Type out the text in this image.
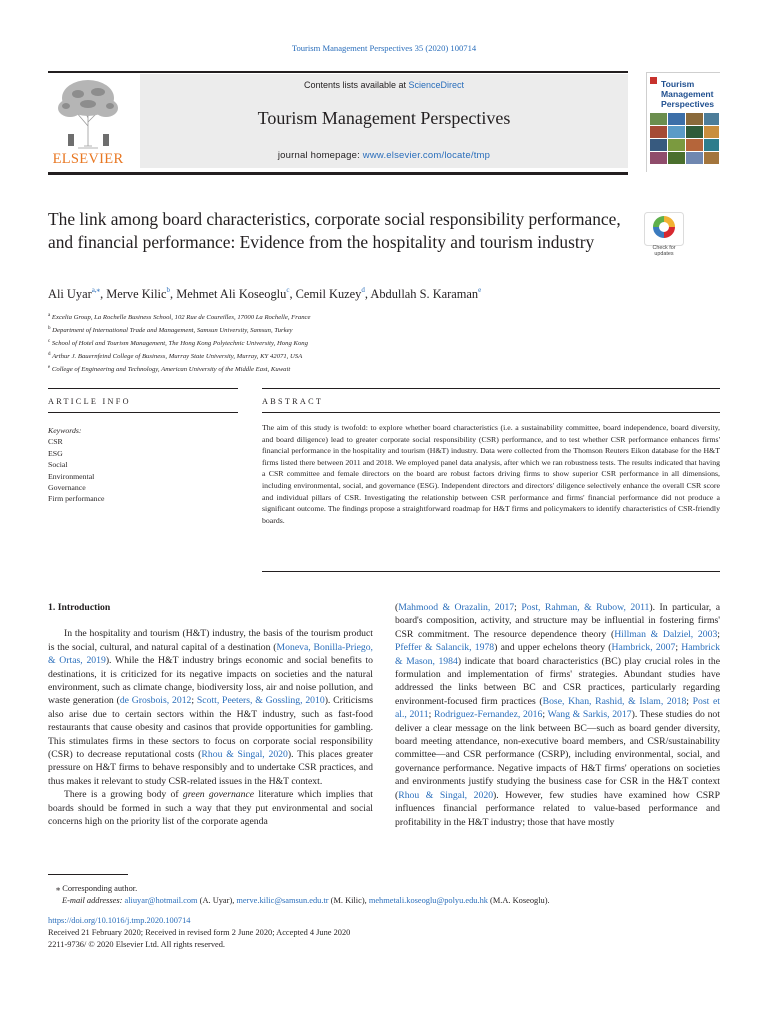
Tourism Management Perspectives 35 (2020) 100714
ELSEVIER
Contents lists available at ScienceDirect
Tourism Management Perspectives
journal homepage: www.elsevier.com/locate/tmp
Tourism
Management
Perspectives
The link among board characteristics, corporate social responsibility performance, and financial performance: Evidence from the hospitality and tourism industry	Check for
updates
Ali Uyar$^{a,⁎}$, Merve Kilic$^b$, Mehmet Ali Koseoglu$^c$, Cemil Kuzey$^d$, Abdullah S. Karaman$^e$
$^a$ Excelia Group, La Rochelle Business School, 102 Rue de Coureilles, 17000 La Rochelle, France
$^b$ Department of International Trade and Management, Samsun University, Samsun, Turkey
$^c$ School of Hotel and Tourism Management, The Hong Kong Polytechnic University, Hong Kong
$^d$ Arthur J. Bauernfeind College of Business, Murray State University, Murray, KY 42071, USA
$^e$ College of Engineering and Technology, American University of the Middle East, Kuwait
ARTICLE INFO	ABSTRACT
Keywords:
CSR
ESG
Social
Environmental
Governance
Firm performance
The aim of this study is twofold: to explore whether board characteristics (i.e. a sustainability committee, board independence, board diversity, and board diligence) lead to greater corporate social responsibility (CSR) performance, and to test whether CSR performance enhances firms' financial performance in the hospitality and tourism (H&T) industry. Data were collected from the Thomson Reuters Eikon database for the H&T firms listed there between 2011 and 2018. We employed panel data analysis, after which we ran robustness tests. The results indicated that having a CSR committee and female directors on the board are robust factors driving firms to show superior CSR performance in all dimensions, including environmental, social, and governance (ESG). Independent directors and directors' diligence selectively enhance the overall CSR score and individual pillars of CSR. Investigating the relationship between CSR performance and firms' financial performance did not produce a significant outcome. The findings propose a straightforward roadmap for H&T firms and policymakers to identify characteristics of CSR-friendly boards.
1. Introduction

In the hospitality and tourism (H&T) industry, the basis of the tourism product is the social, cultural, and natural capital of a destination (Moneva, Bonilla-Priego, & Ortas, 2019). While the H&T industry brings economic and social benefits to destinations, it is criticized for its negative impacts on societies and the natural environment, such as climate change, biodiversity loss, air and noise pollution, and waste generation (de Grosbois, 2012; Scott, Peeters, & Gossling, 2010). Criticisms also arise due to certain sectors within the H&T industry, such as fast-food restaurants that cause obesity and casinos that provide opportunities for gambling. This stimulates firms in these sectors to focus on corporate social responsibility (CSR) to decrease reputational costs (Rhou & Singal, 2020). This places greater pressure on H&T firms to behave responsibly and to undertake CSR practices, and thus makes it relevant to study CSR-related issues in the H&T context.

There is a growing body of green governance literature which implies that boards should be formed in such a way that they put environmental and social concerns high on the priority list of the corporate agenda

(Mahmood & Orazalin, 2017; Post, Rahman, & Rubow, 2011). In particular, a board's composition, activity, and structure may be influential in fostering firms' CSR commitment. The resource dependence theory (Hillman & Dalziel, 2003; Pfeffer & Salancik, 1978) and upper echelons theory (Hambrick, 2007; Hambrick & Mason, 1984) indicate that board characteristics (BC) play crucial roles in the formulation and implementation of firms' strategies. Abundant studies have addressed the links between BC and CSR practices, particularly regarding environment-focused firm practices (Bose, Khan, Rashid, & Islam, 2018; Post et al., 2011; Rodriguez-Fernandez, 2016; Wang & Sarkis, 2017). These studies do not deliver a clear message on the link between BC—such as board gender diversity, board meeting attendance, non-executive board members, and CSR/sustainability committee—and CSR performance (CSRP), including environmental, social, and governance performance. Negative impacts of H&T firms' operations on societies and environments justify studying the business case for CSR in the H&T context (Rhou & Singal, 2020). However, few studies have examined how CSRP influences financial performance related to value-based performance and profitability in the H&T industry; those that have mostly

⁎ Corresponding author.
E-mail addresses: aliuyar@hotmail.com (A. Uyar), merve.kilic@samsun.edu.tr (M. Kilic), mehmetali.koseoglu@polyu.edu.hk (M.A. Koseoglu).
https://doi.org/10.1016/j.tmp.2020.100714
Received 21 February 2020; Received in revised form 2 June 2020; Accepted 4 June 2020
2211-9736/ © 2020 Elsevier Ltd. All rights reserved.
